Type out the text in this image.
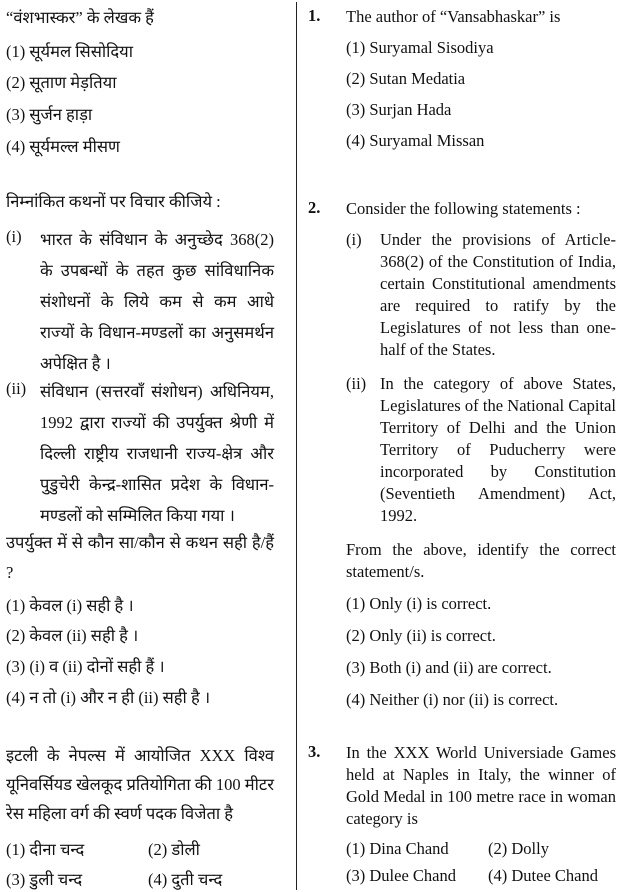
“वंशभास्कर” के लेखक हैं
(1) सूर्यमल सिसोदिया
(2) सूताण मेड़तिया
(3) सुर्जन हाड़ा
(4) सूर्यमल्ल मीसण
निम्नांकित कथनों पर विचार कीजिये :
(i) भारत के संविधान के अनुच्छेद 368(2) के उपबन्धों के तहत कुछ सांविधानिक संशोधनों के लिये कम से कम आधे राज्यों के विधान-मण्डलों का अनुसमर्थन अपेक्षित है ।
(ii) संविधान (सत्तरवाँ संशोधन) अधिनियम, 1992 द्वारा राज्यों की उपर्युक्त श्रेणी में दिल्ली राष्ट्रीय राजधानी राज्य-क्षेत्र और पुडुचेरी केन्द्र-शासित प्रदेश के विधान-मण्डलों को सम्मिलित किया गया ।
उपर्युक्त में से कौन सा/कौन से कथन सही है/हैं ?
(1) केवल (i) सही है ।
(2) केवल (ii) सही है ।
(3) (i) व (ii) दोनों सही हैं ।
(4) न तो (i) और न ही (ii) सही है ।
इटली के नेपल्स में आयोजित XXX विश्व यूनिवर्सियड खेलकूद प्रतियोगिता की 100 मीटर रेस महिला वर्ग की स्वर्ण पदक विजेता है
(1) दीना चन्द	(2) डोली
(3) डुली चन्द	(4) दुती चन्द
1. The author of “Vansabhaskar” is
(1) Suryamal Sisodiya
(2) Sutan Medatia
(3) Surjan Hada
(4) Suryamal Missan
2. Consider the following statements :
(i) Under the provisions of Article-368(2) of the Constitution of India, certain Constitutional amendments are required to ratify by the Legislatures of not less than one-half of the States.
(ii) In the category of above States, Legislatures of the National Capital Territory of Delhi and the Union Territory of Puducherry were incorporated by Constitution (Seventieth Amendment) Act, 1992.
From the above, identify the correct statement/s.
(1) Only (i) is correct.
(2) Only (ii) is correct.
(3) Both (i) and (ii) are correct.
(4) Neither (i) nor (ii) is correct.
3. In the XXX World Universiade Games held at Naples in Italy, the winner of Gold Medal in 100 metre race in woman category is
(1) Dina Chand (2) Dolly
(3) Dulee Chand (4) Dutee Chand
